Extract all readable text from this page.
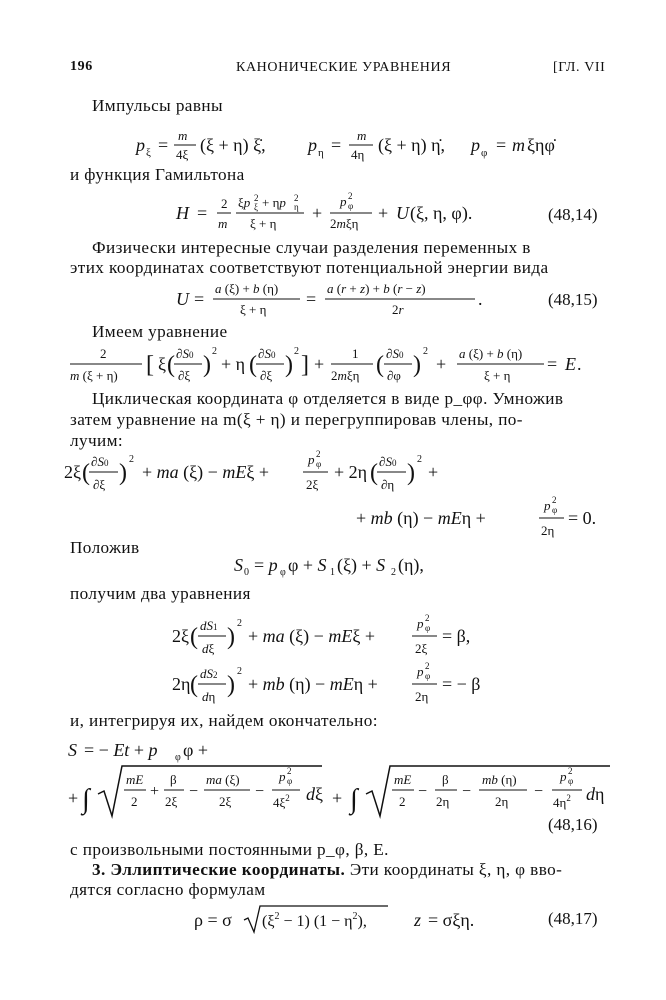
196	КАНОНИЧЕСКИЕ УРАВНЕНИЯ	[ГЛ. VII
Импульсы равны
p ξ = m
4ξ (ξ + η) ξ̇, p η = m
4η (ξ + η) η̇, p φ = m ξηφ̇
и функция Гамильтона
H = 2
m
ξp 2
ξ + ηp 2
η
ξ + η
+
p 2
φ
2mξη
+ U (ξ, η, φ).	(48,14)
Физически интересные случаи разделения переменных в
этих координатах соответствуют потенциальной энергии вида
U =
a (ξ) + b (η)
ξ + η
=
a (r + z) + b (r − z)
2r
.	(48,15)
Имеем уравнение
2
m (ξ + η) [ ξ ( ∂S0
∂ξ )
2
+ η ( ∂S0
∂ξ )
2
] +
1
2mξη ( ∂S0
∂φ )
2
+
a (ξ) + b (η)
ξ + η
= E .
Циклическая координата φ отделяется в виде p_φφ. Умножив
затем уравнение на m(ξ + η) и перегруппировав члены, по-
лучим:
2ξ ( ∂S0
∂ξ )
2
+ ma (ξ) − mEξ +
p 2
φ
2ξ
+ 2η ( ∂S0
∂η )
2
+
+ mb (η) − mEη +
p 2
φ
2η
= 0.
Положив
S 0 = p φ φ + S 1 (ξ) + S 2 (η),
получим два уравнения
2ξ ( dS1
dξ )
2
+ ma (ξ) − mEξ +
p 2
φ
2ξ
= β,
2η ( dS2
dη )
2
+ mb (η) − mEη +
p 2
φ
2η
= − β
и, интегрируя их, найдем окончательно:
S = − Et + p φ φ +
+ ∫
mE
2
+
β
2ξ
−
ma (ξ)
2ξ
−
p 2
φ
$4\xi^2$ dξ + ∫
mE
2
−
β
2η
−
mb (η)
2η
−
p 2
φ
$4\eta^2$ dη
(48,16)
с произвольными постоянными p_φ, β, E.
3. Эллиптические координаты. Эти координаты ξ, η, φ вво-
дятся согласно формулам
ρ = σ $(\xi^2 - 1) (1 - \eta^2)$,	z = σξη.	(48,17)
